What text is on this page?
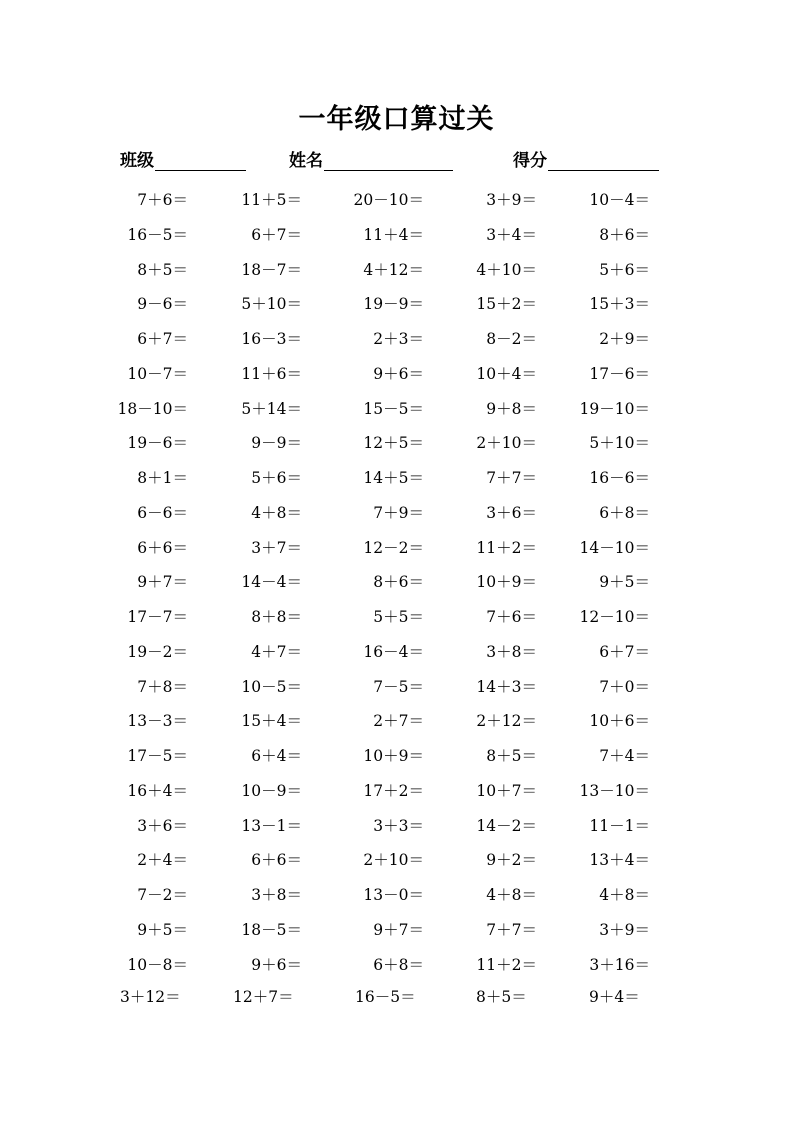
一年级口算过关
班级	姓名	得分
7＋6＝	11＋5＝	20－10＝	3＋9＝	10－4＝
16－5＝	6＋7＝	11＋4＝	3＋4＝	8＋6＝
8＋5＝	18－7＝	4＋12＝	4＋10＝	5＋6＝
9－6＝	5＋10＝	19－9＝	15＋2＝	15＋3＝
6＋7＝	16－3＝	2＋3＝	8－2＝	2＋9＝
10－7＝	11＋6＝	9＋6＝	10＋4＝	17－6＝
18－10＝	5＋14＝	15－5＝	9＋8＝	19－10＝
19－6＝	9－9＝	12＋5＝	2＋10＝	5＋10＝
8＋1＝	5＋6＝	14＋5＝	7＋7＝	16－6＝
6－6＝	4＋8＝	7＋9＝	3＋6＝	6＋8＝
6＋6＝	3＋7＝	12－2＝	11＋2＝	14－10＝
9＋7＝	14－4＝	8＋6＝	10＋9＝	9＋5＝
17－7＝	8＋8＝	5＋5＝	7＋6＝	12－10＝
19－2＝	4＋7＝	16－4＝	3＋8＝	6＋7＝
7＋8＝	10－5＝	7－5＝	14＋3＝	7＋0＝
13－3＝	15＋4＝	2＋7＝	2＋12＝	10＋6＝
17－5＝	6＋4＝	10＋9＝	8＋5＝	7＋4＝
16＋4＝	10－9＝	17＋2＝	10＋7＝	13－10＝
3＋6＝	13－1＝	3＋3＝	14－2＝	11－1＝
2＋4＝	6＋6＝	2＋10＝	9＋2＝	13＋4＝
7－2＝	3＋8＝	13－0＝	4＋8＝	4＋8＝
9＋5＝	18－5＝	9＋7＝	7＋7＝	3＋9＝
10－8＝	9＋6＝	6＋8＝	11＋2＝	3＋16＝
3＋12＝	12＋7＝	16－5＝	8＋5＝	9＋4＝
